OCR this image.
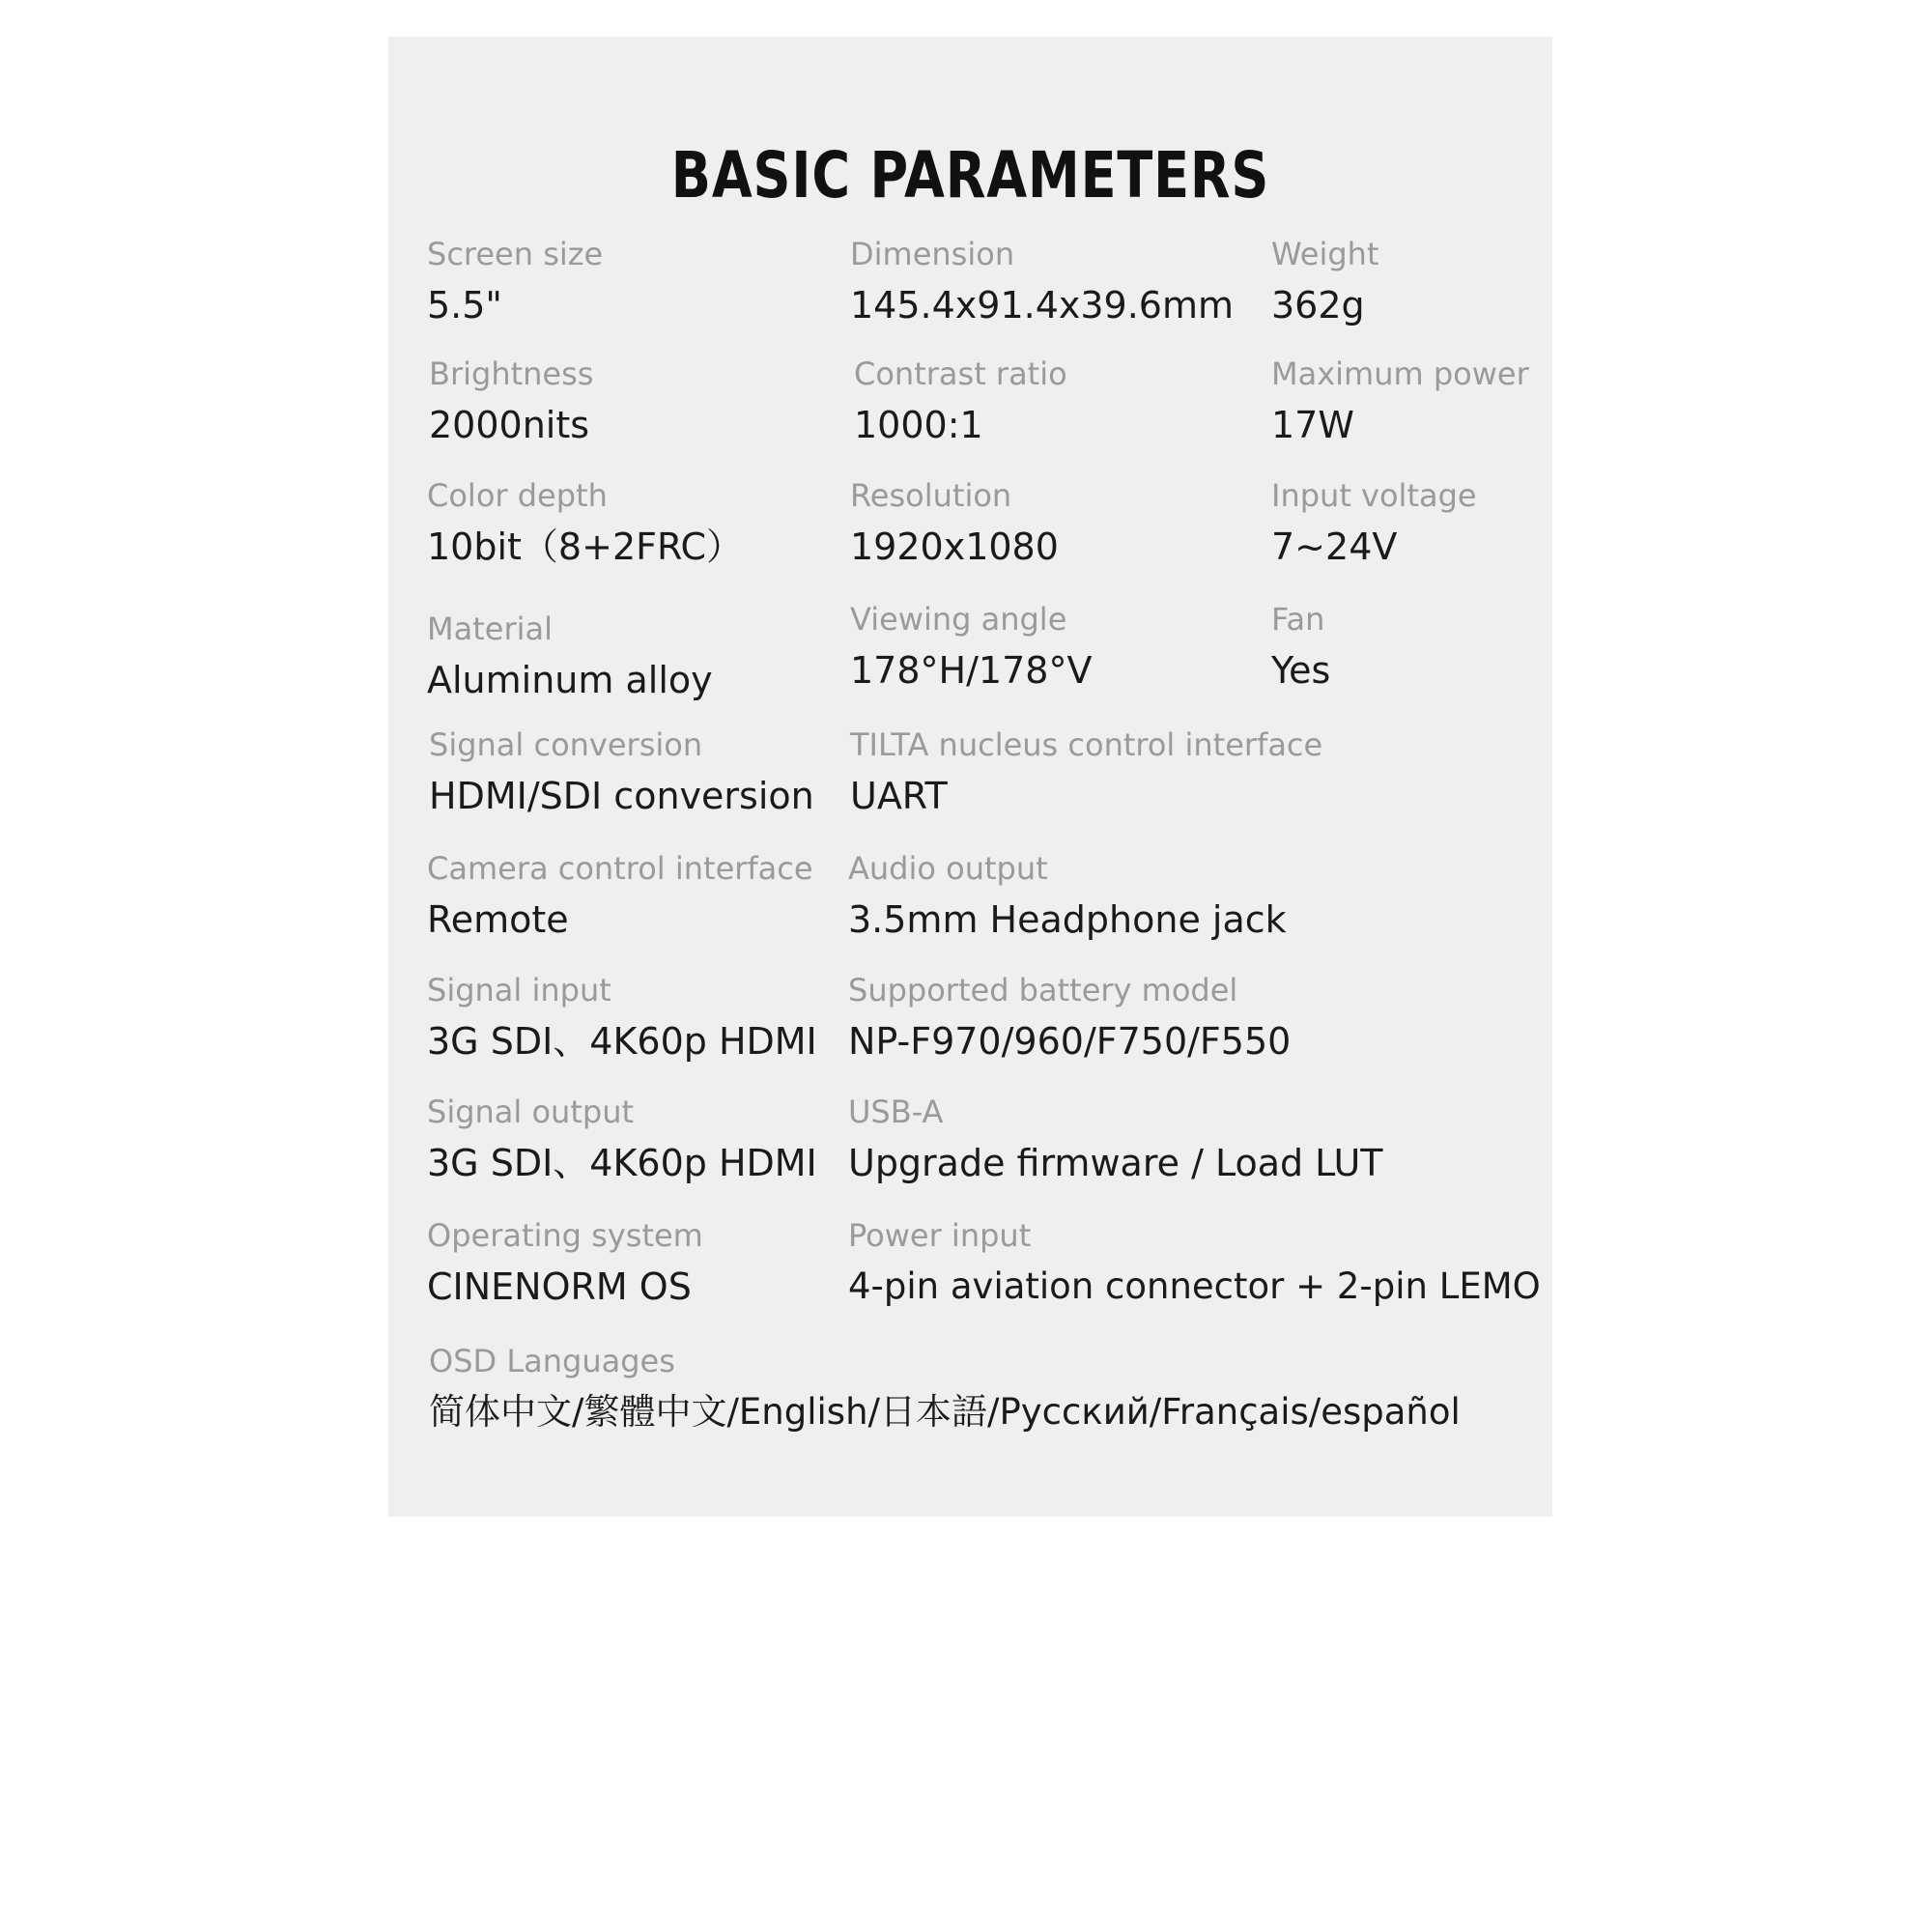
BASIC PARAMETERS
Screen size
5.5"
Dimension
145.4x91.4x39.6mm
Weight
362g
Brightness
2000nits
Contrast ratio
1000:1
Maximum power
17W
Color depth
10bit（8+2FRC）
Resolution
1920x1080
Input voltage
7~24V
Material
Aluminum alloy
Viewing angle
178°H/178°V
Fan
Yes
Signal conversion
HDMI/SDI conversion
TILTA nucleus control interface
UART
Camera control interface
Remote
Audio output
3.5mm Headphone jack
Signal input
3G SDI、4K60p HDMI
Supported battery model
NP-F970/960/F750/F550
Signal output
3G SDI、4K60p HDMI
USB-A
Upgrade firmware / Load LUT
Operating system
CINENORM OS
Power input
4-pin aviation connector + 2-pin LEMO
OSD Languages
简体中文/繁體中文/English/日本語/Русский/Français/español
